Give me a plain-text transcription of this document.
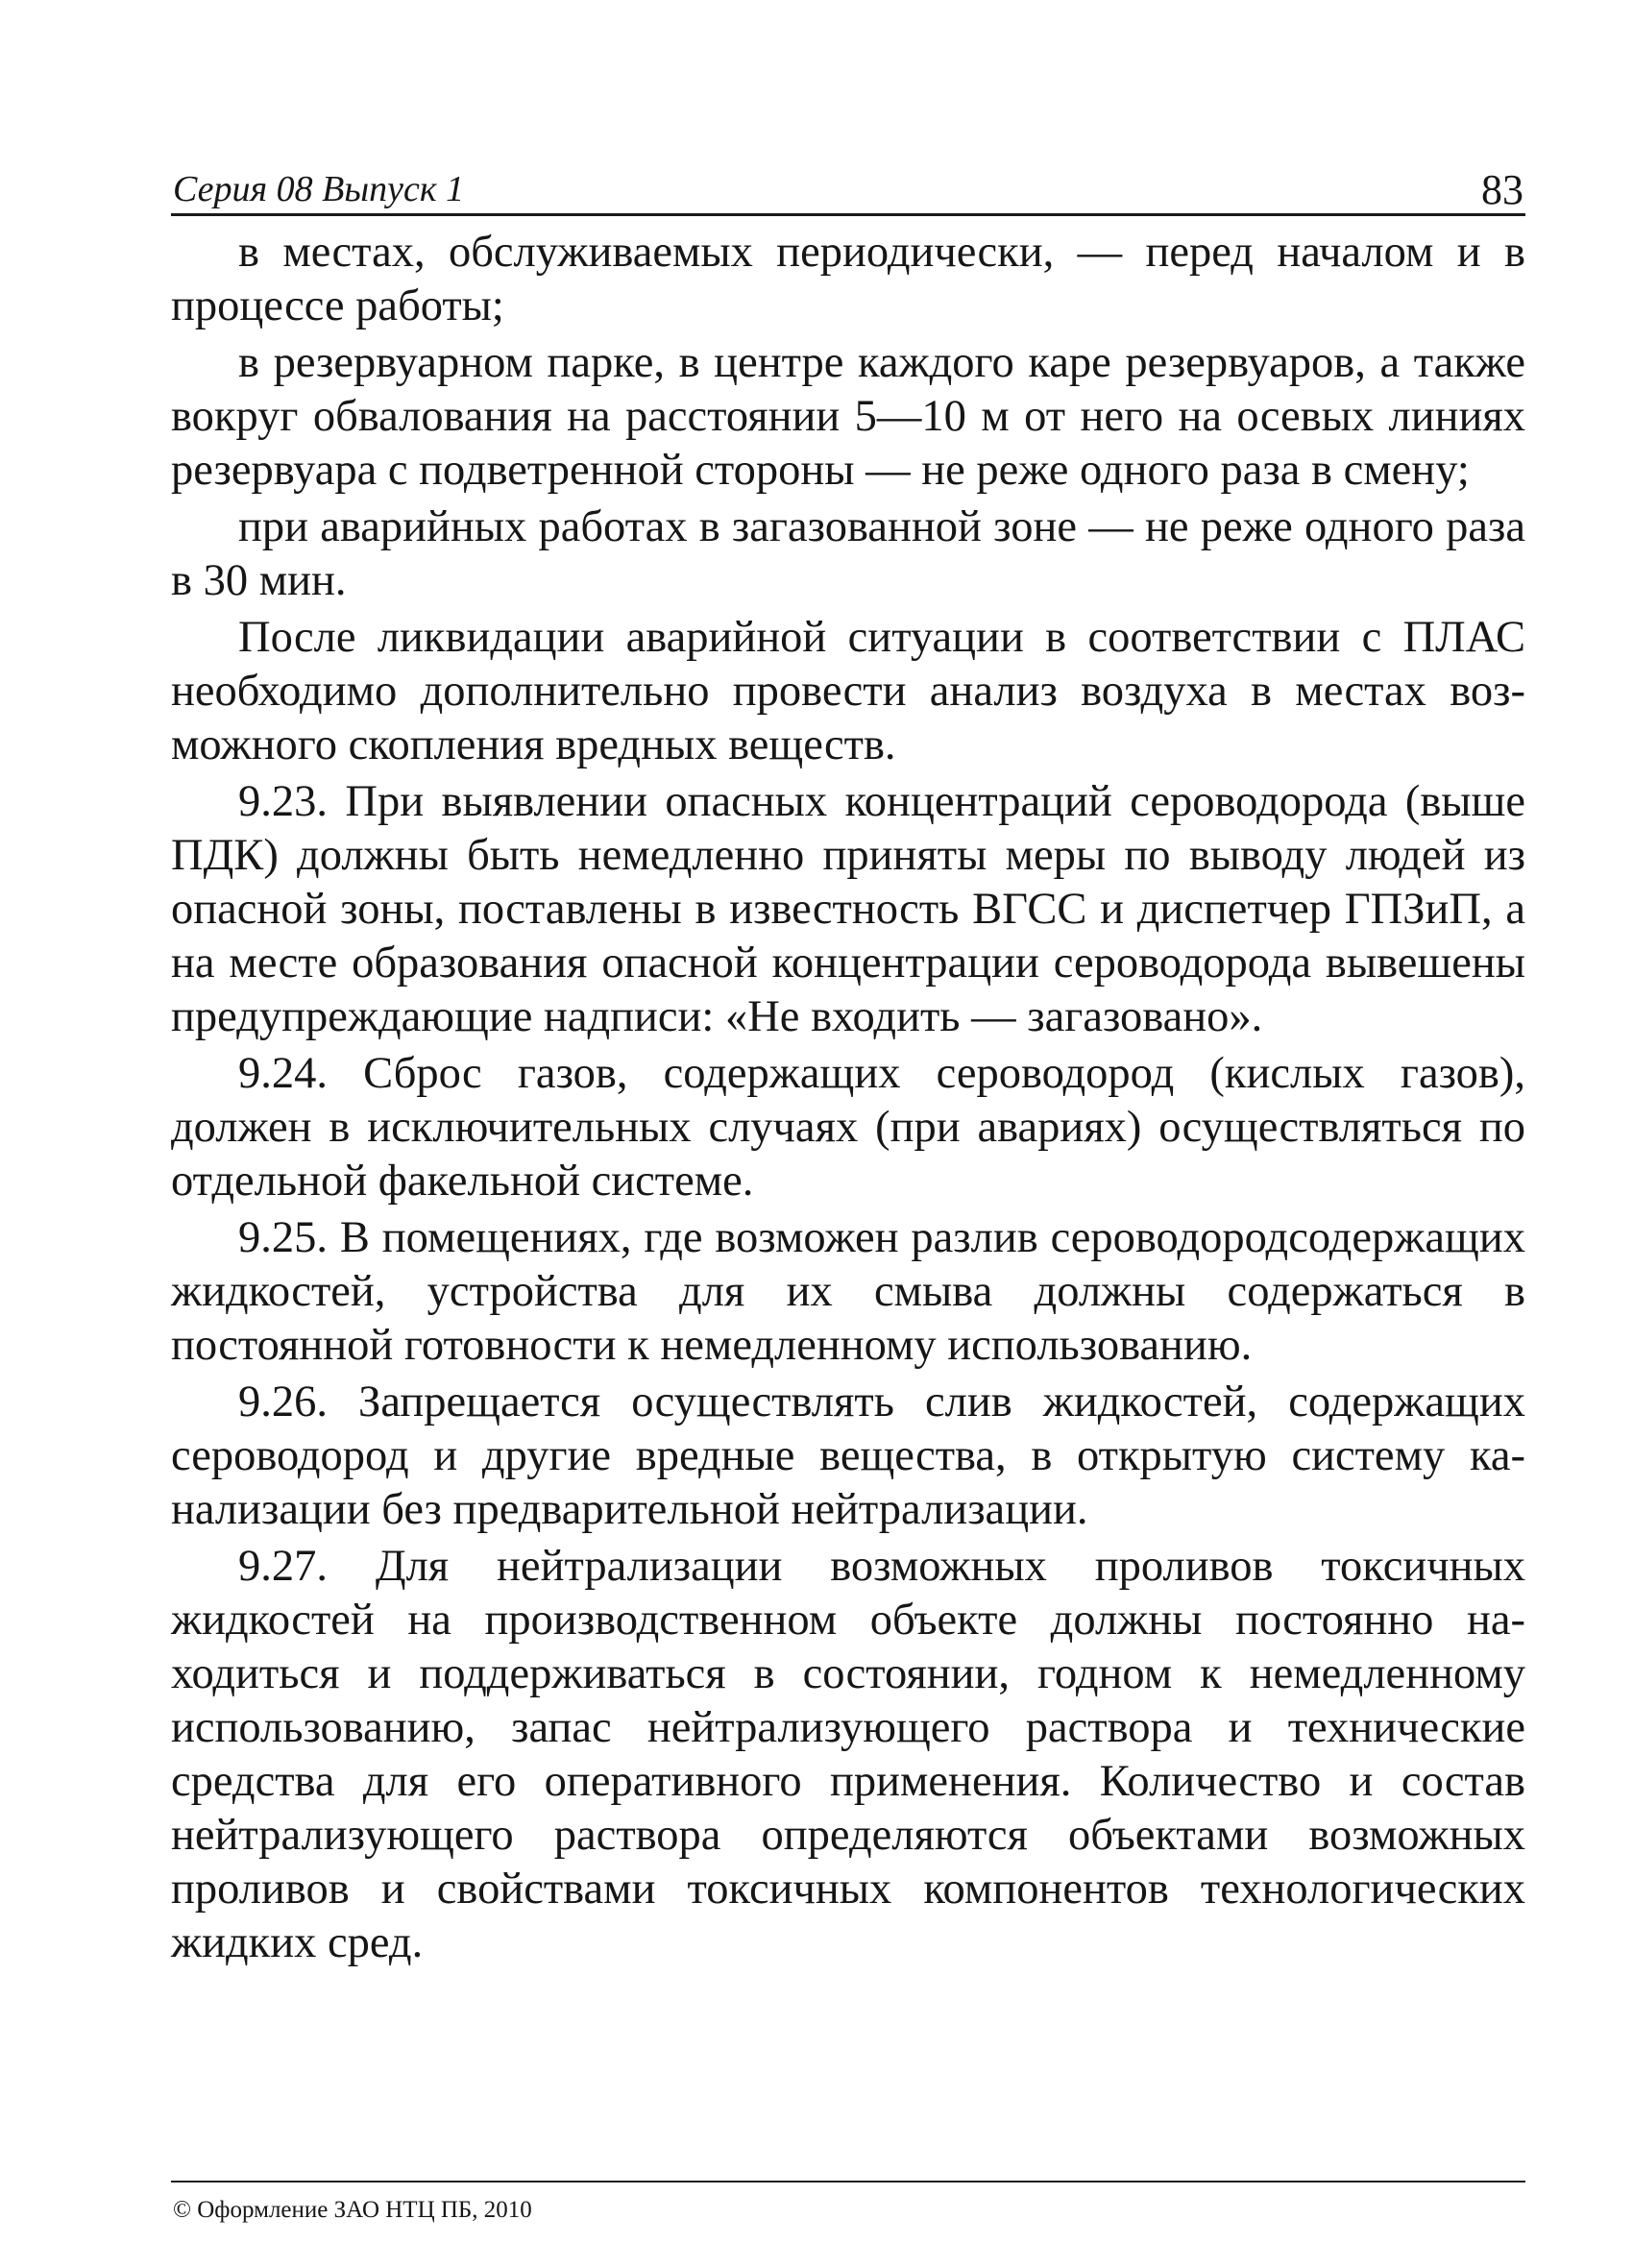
Серия 08 Выпуск 1	83

в местах, обслуживаемых периодически, — перед началом и в процессе работы;

в резервуарном парке, в центре каждого каре резервуаров, а также вокруг обвалования на расстоянии 5—10 м от него на осевых линиях резервуара с подветренной стороны — не реже одного раза в смену;

при аварийных работах в загазованной зоне — не реже одного раза в 30 мин.

После ликвидации аварийной ситуации в соответствии с ПЛАС необходимо дополнительно провести анализ воздуха в местах возможного скопления вредных веществ.

9.23. При выявлении опасных концентраций сероводорода (выше ПДК) должны быть немедленно приняты меры по выводу людей из опасной зоны, поставлены в известность ВГСС и диспетчер ГПЗиП, а на месте образования опасной концентрации сероводорода вывешены предупреждающие надписи: «Не входить — загазовано».

9.24. Сброс газов, содержащих сероводород (кислых газов), должен в исключительных случаях (при авариях) осуществляться по отдельной факельной системе.

9.25. В помещениях, где возможен разлив сероводородсодержащих жидкостей, устройства для их смыва должны содержаться в постоянной готовности к немедленному использованию.

9.26. Запрещается осуществлять слив жидкостей, содержащих сероводород и другие вредные вещества, в открытую систему канализации без предварительной нейтрализации.

9.27. Для нейтрализации возможных проливов токсичных жидкостей на производственном объекте должны постоянно находиться и поддерживаться в состоянии, годном к немедленному использованию, запас нейтрализующего раствора и технические средства для его оперативного применения. Количество и состав нейтрализующего раствора определяются объектами возможных проливов и свойствами токсичных компонентов технологических жидких сред.

© Оформление ЗАО НТЦ ПБ, 2010
